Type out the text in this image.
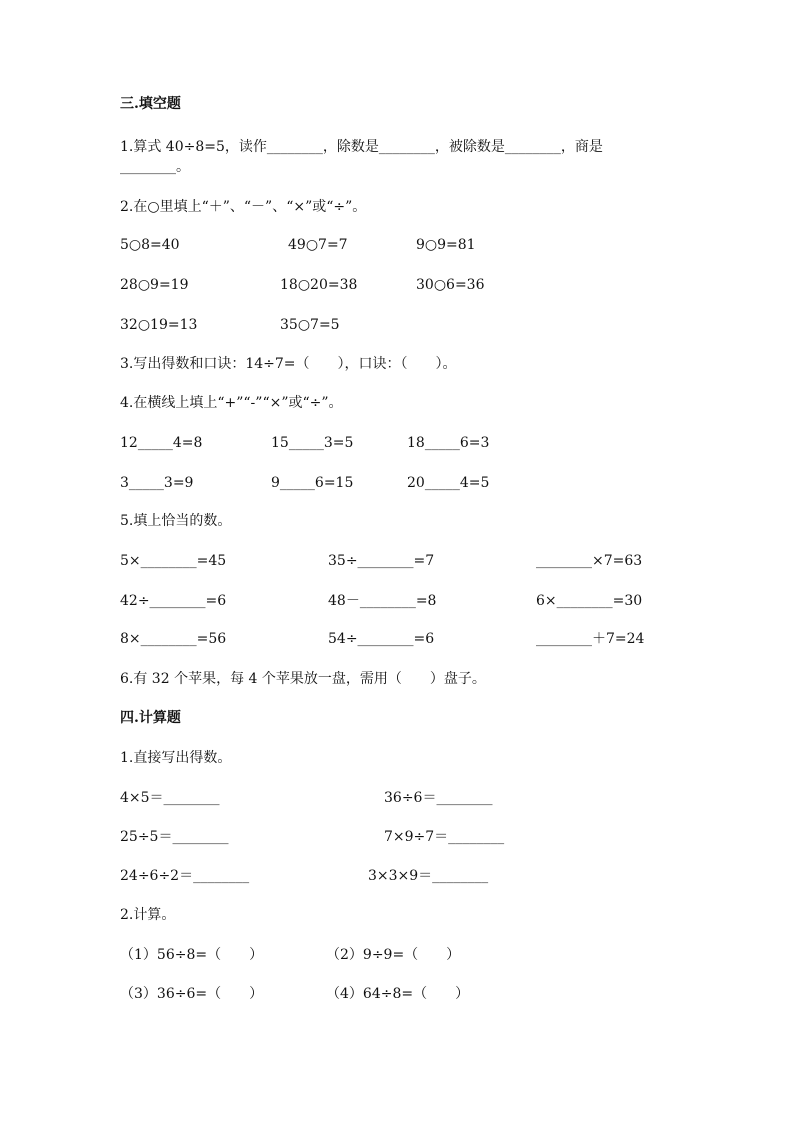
三.填空题
1.算式 40÷8=5，读作________，除数是________，被除数是________，商是
________。
2.在○里填上“＋”、“－”、“×”或“÷”。
5○8=40	49○7=7	9○9=81
28○9=19	18○20=38	30○6=36
32○19=13	35○7=5
3.写出得数和口诀：14÷7=（　　），口诀：（　　）。
4.在横线上填上“+”“-”“×”或“÷”。
12_____4=8	15_____3=5	18_____6=3
3_____3=9	9_____6=15	20_____4=5
5.填上恰当的数。
5×________=45	35÷________=7	________×7=63
42÷________=6	48－________=8	6×________=30
8×________=56	54÷________=6	________＋7=24
6.有 32 个苹果，每 4 个苹果放一盘，需用（　　）盘子。
四.计算题
1.直接写出得数。
4×5＝________	36÷6＝________
25÷5＝________	7×9÷7＝________
24÷6÷2＝________	3×3×9＝________
2.计算。
（1）56÷8=（　　）	（2）9÷9=（　　）
（3）36÷6=（　　）	（4）64÷8=（　　）
